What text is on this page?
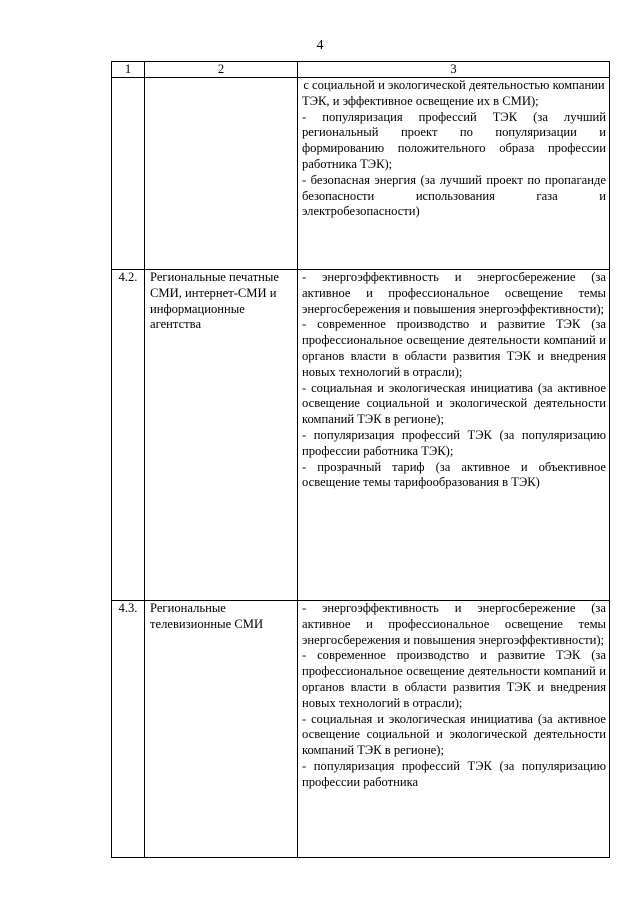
4
1	2	3

		с социальной и экологической деятельностью компании ТЭК, и эффективное освещение их в СМИ);

- популяризация профессий ТЭК (за лучший региональный проект по популяризации и формированию положительного образа профессии работника ТЭК);

- безопасная энергия (за лучший проект по пропаганде безопасности использования газа и электробезопасности)

4.2.	Региональные печатные СМИ, интернет-СМИ и информационные агентства	- энергоэффективность и энергосбережение (за активное и профессиональное освещение темы энергосбережения и повышения энергоэффективности);

- современное производство и развитие ТЭК (за профессиональное освещение деятельности компаний и органов власти в области развития ТЭК и внедрения новых технологий в отрасли);

- социальная и экологическая инициатива (за активное освещение социальной и экологической деятельности компаний ТЭК в регионе);

- популяризация профессий ТЭК (за популяризацию профессии работника ТЭК);

- прозрачный тариф (за активное и объективное освещение темы тарифообразования в ТЭК)

4.3.	Региональные телевизионные СМИ	- энергоэффективность и энергосбережение (за активное и профессиональное освещение темы энергосбережения и повышения энергоэффективности);

- современное производство и развитие ТЭК (за профессиональное освещение деятельности компаний и органов власти в области развития ТЭК и внедрения новых технологий в отрасли);

- социальная и экологическая инициатива (за активное освещение социальной и экологической деятельности компаний ТЭК в регионе);

- популяризация профессий ТЭК (за популяризацию профессии работника
